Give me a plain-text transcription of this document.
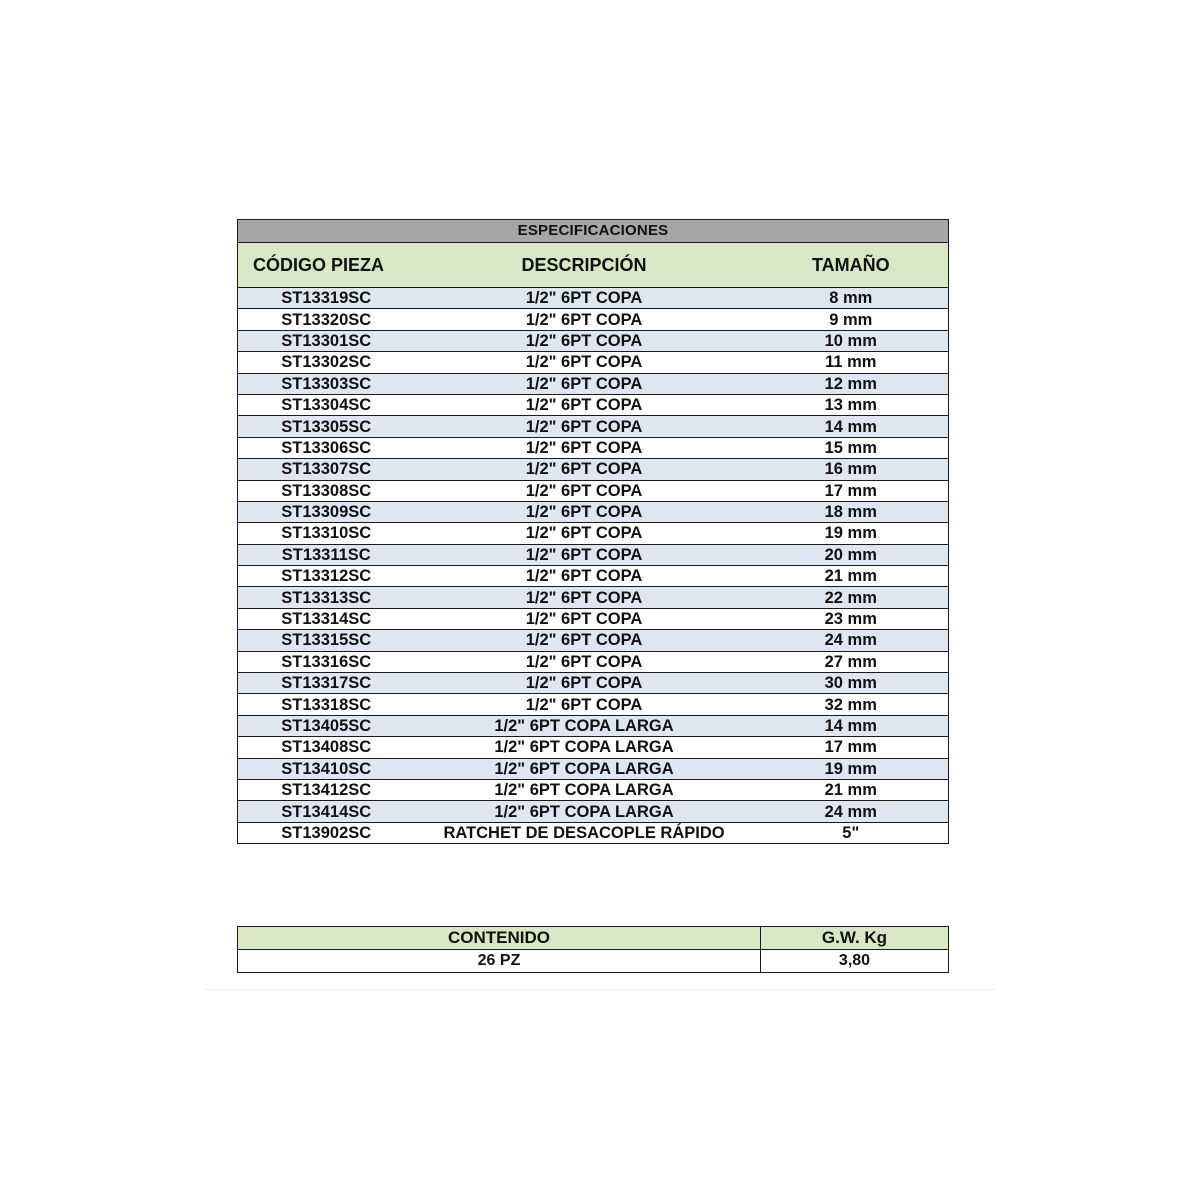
ESPECIFICACIONES
CÓDIGO PIEZA	DESCRIPCIÓN	TAMAÑO
ST13319SC	1/2" 6PT COPA	8 mm
ST13320SC	1/2" 6PT COPA	9 mm
ST13301SC	1/2" 6PT COPA	10 mm
ST13302SC	1/2" 6PT COPA	11 mm
ST13303SC	1/2" 6PT COPA	12 mm
ST13304SC	1/2" 6PT COPA	13 mm
ST13305SC	1/2" 6PT COPA	14 mm
ST13306SC	1/2" 6PT COPA	15 mm
ST13307SC	1/2" 6PT COPA	16 mm
ST13308SC	1/2" 6PT COPA	17 mm
ST13309SC	1/2" 6PT COPA	18 mm
ST13310SC	1/2" 6PT COPA	19 mm
ST13311SC	1/2" 6PT COPA	20 mm
ST13312SC	1/2" 6PT COPA	21 mm
ST13313SC	1/2" 6PT COPA	22 mm
ST13314SC	1/2" 6PT COPA	23 mm
ST13315SC	1/2" 6PT COPA	24 mm
ST13316SC	1/2" 6PT COPA	27 mm
ST13317SC	1/2" 6PT COPA	30 mm
ST13318SC	1/2" 6PT COPA	32 mm
ST13405SC	1/2" 6PT COPA LARGA	14 mm
ST13408SC	1/2" 6PT COPA LARGA	17 mm
ST13410SC	1/2" 6PT COPA LARGA	19 mm
ST13412SC	1/2" 6PT COPA LARGA	21 mm
ST13414SC	1/2" 6PT COPA LARGA	24 mm
ST13902SC	RATCHET DE DESACOPLE RÁPIDO	5"
CONTENIDO	G.W. Kg
26 PZ	3,80
